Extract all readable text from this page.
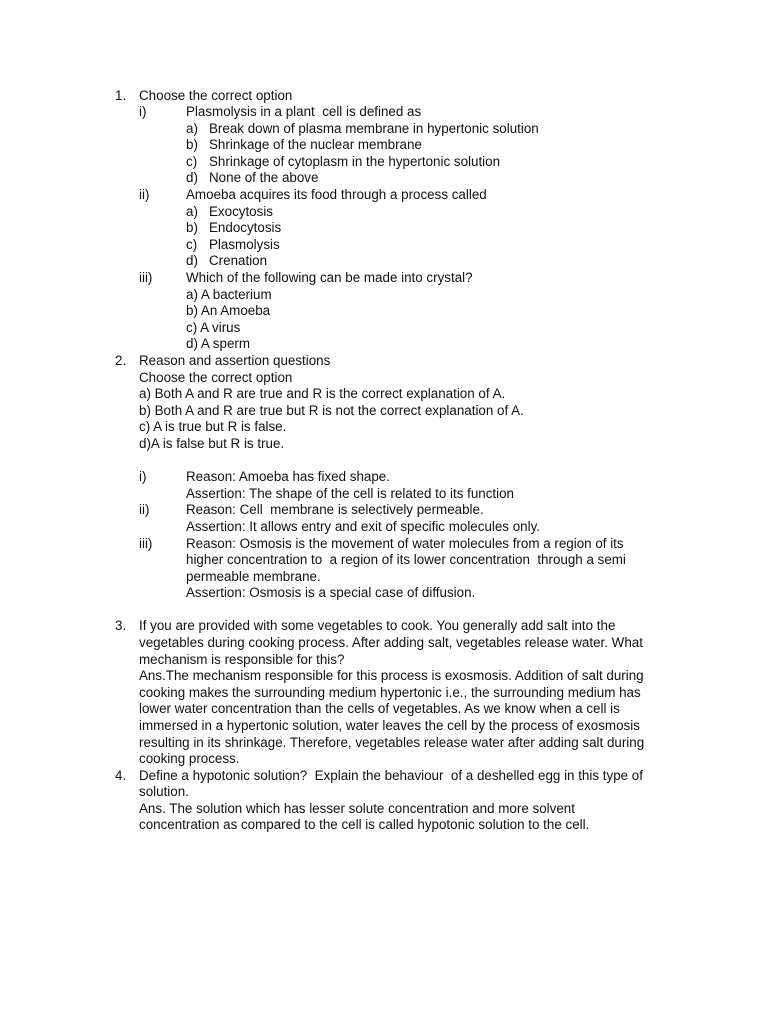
1. Choose the correct option
i)	Plasmolysis in a plant  cell is defined as
a) Break down of plasma membrane in hypertonic solution
b) Shrinkage of the nuclear membrane
c) Shrinkage of cytoplasm in the hypertonic solution
d) None of the above
ii)	Amoeba acquires its food through a process called
a) Exocytosis
b) Endocytosis
c) Plasmolysis
d) Crenation
iii)	Which of the following can be made into crystal?
a) A bacterium
b) An Amoeba
c) A virus
d) A sperm
2. Reason and assertion questions
Choose the correct option
a) Both A and R are true and R is the correct explanation of A.
b) Both A and R are true but R is not the correct explanation of A.
c) A is true but R is false.
d)A is false but R is true.
i)	Reason: Amoeba has fixed shape.
Assertion: The shape of the cell is related to its function
ii)	Reason: Cell  membrane is selectively permeable.
Assertion: It allows entry and exit of specific molecules only.
iii)	Reason: Osmosis is the movement of water molecules from a region of its
higher concentration to  a region of its lower concentration  through a semi
permeable membrane.
Assertion: Osmosis is a special case of diffusion.
3. If you are provided with some vegetables to cook. You generally add salt into the
vegetables during cooking process. After adding salt, vegetables release water. What
mechanism is responsible for this?
Ans.The mechanism responsible for this process is exosmosis. Addition of salt during
cooking makes the surrounding medium hypertonic i.e., the surrounding medium has
lower water concentration than the cells of vegetables. As we know when a cell is
immersed in a hypertonic solution, water leaves the cell by the process of exosmosis
resulting in its shrinkage. Therefore, vegetables release water after adding salt during
cooking process.
4. Define a hypotonic solution?  Explain the behaviour  of a deshelled egg in this type of
solution.
Ans. The solution which has lesser solute concentration and more solvent
concentration as compared to the cell is called hypotonic solution to the cell.
